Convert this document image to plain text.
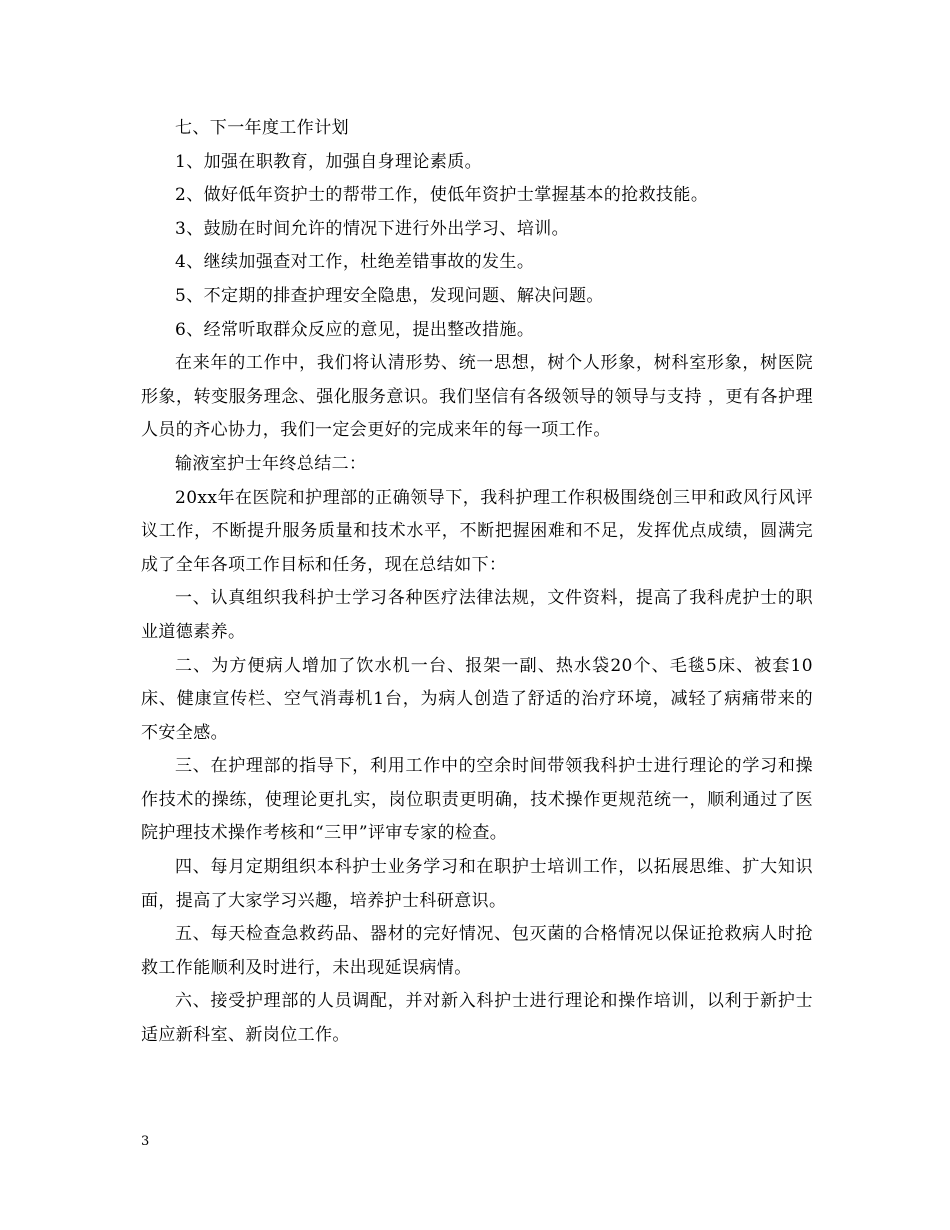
七、下一年度工作计划

1、加强在职教育，加强自身理论素质。

2、做好低年资护士的帮带工作，使低年资护士掌握基本的抢救技能。

3、鼓励在时间允许的情况下进行外出学习、培训。

4、继续加强查对工作，杜绝差错事故的发生。

5、不定期的排查护理安全隐患，发现问题、解决问题。

6、经常听取群众反应的意见，提出整改措施。

在来年的工作中，我们将认清形势、统一思想，树个人形象，树科室形象，树医院形象，转变服务理念、强化服务意识。我们坚信有各级领导的领导与支持 ，更有各护理人员的齐心协力，我们一定会更好的完成来年的每一项工作。

输液室护士年终总结二：

20xx年在医院和护理部的正确领导下，我科护理工作积极围绕创三甲和政风行风评议工作，不断提升服务质量和技术水平，不断把握困难和不足，发挥优点成绩，圆满完成了全年各项工作目标和任务，现在总结如下：

一、认真组织我科护士学习各种医疗法律法规，文件资料，提高了我科虎护士的职业道德素养。

二、为方便病人增加了饮水机一台、报架一副、热水袋20个、毛毯5床、被套10床、健康宣传栏、空气消毒机1台，为病人创造了舒适的治疗环境，减轻了病痛带来的不安全感。

三、在护理部的指导下，利用工作中的空余时间带领我科护士进行理论的学习和操作技术的操练，使理论更扎实，岗位职责更明确，技术操作更规范统一，顺利通过了医院护理技术操作考核和“三甲”评审专家的检查。

四、每月定期组织本科护士业务学习和在职护士培训工作，以拓展思维、扩大知识面，提高了大家学习兴趣，培养护士科研意识。

五、每天检查急救药品、器材的完好情况、包灭菌的合格情况以保证抢救病人时抢救工作能顺利及时进行，未出现延误病情。

六、接受护理部的人员调配，并对新入科护士进行理论和操作培训，以利于新护士适应新科室、新岗位工作。

3
